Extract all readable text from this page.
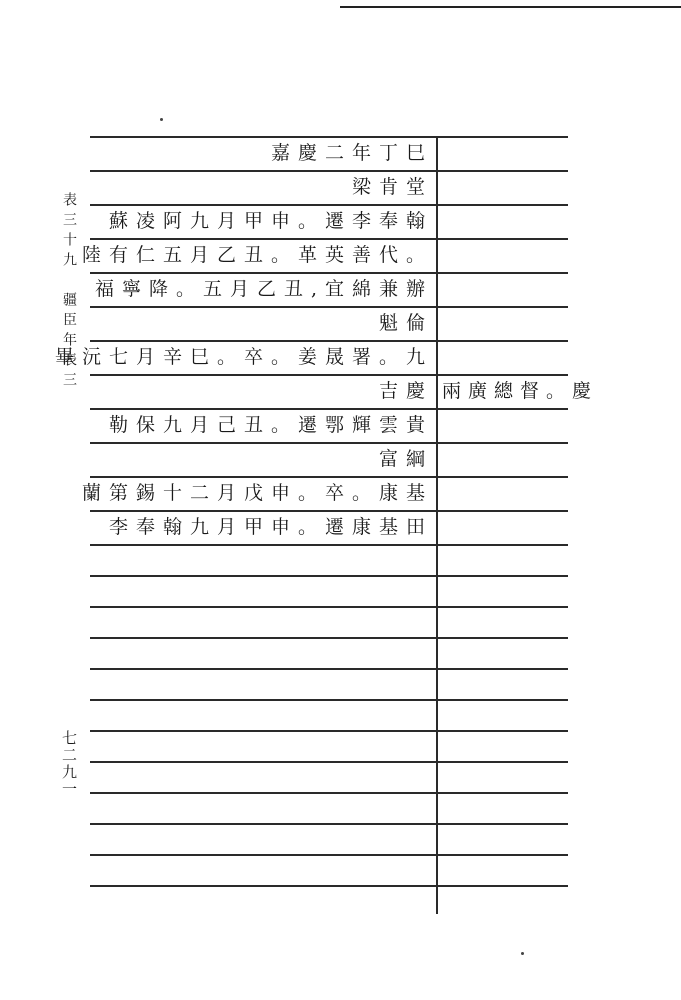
嘉慶二年丁巳
梁肯堂
蘇凌阿九月甲申。遷李奉翰
陸有仁五月乙丑。革英善代。
福寧降。五月乙丑,宜綿兼辦
魁倫
畢沅七月辛巳。卒。姜晟署。九
吉慶
勒保九月己丑。遷鄂輝雲貴
富綱
蘭第錫十二月戊申。卒。康基
李奉翰九月甲申。遷康基田
兩廣總督。慶
表三十九
疆臣年表三
七二九一
